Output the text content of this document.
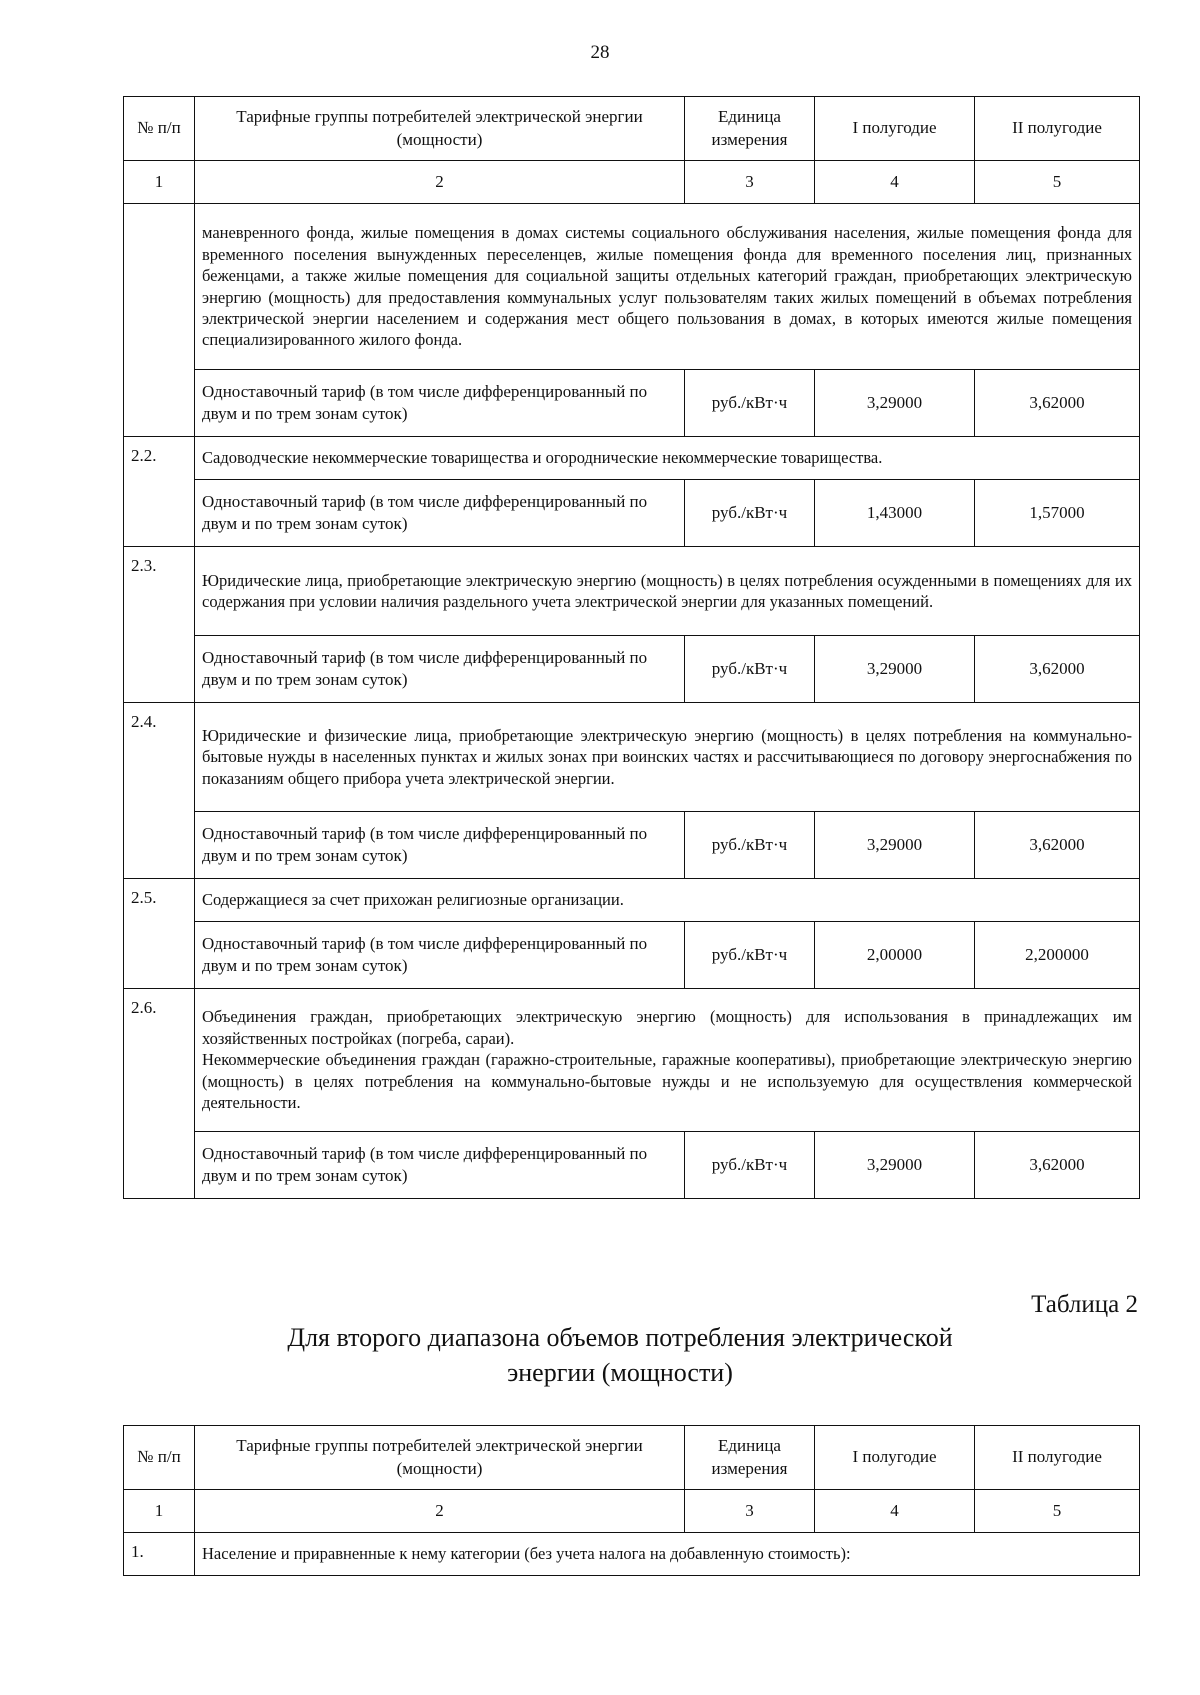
28
№ п/п	Тарифные группы потребителей электрической энергии (мощности)	Единица измерения	I полугодие	II полугодие
1	2	3	4	5
	маневренного фонда, жилые помещения в домах системы социального обслуживания населения, жилые помещения фонда для временного поселения вынужденных переселенцев, жилые помещения фонда для временного поселения лиц, признанных беженцами, а также жилые помещения для социальной защиты отдельных категорий граждан, приобретающих электрическую энергию (мощность) для предоставления коммунальных услуг пользователям таких жилых помещений в объемах потребления электрической энергии населением и содержания мест общего пользования в домах, в которых имеются жилые помещения специализированного жилого фонда.			
	Одноставочный тариф (в том числе дифференцированный по двум и по трем зонам суток)	руб./кВт·ч	3,29000	3,62000
2.2.	Садоводческие некоммерческие товарищества и огороднические некоммерческие товарищества.			
	Одноставочный тариф (в том числе дифференцированный по двум и по трем зонам суток)	руб./кВт·ч	1,43000	1,57000
2.3.	Юридические лица, приобретающие электрическую энергию (мощность) в целях потребления осужденными в помещениях для их содержания при условии наличия раздельного учета электрической энергии для указанных помещений.			
	Одноставочный тариф (в том числе дифференцированный по двум и по трем зонам суток)	руб./кВт·ч	3,29000	3,62000
2.4.	Юридические и физические лица, приобретающие электрическую энергию (мощность) в целях потребления на коммунально-бытовые нужды в населенных пунктах и жилых зонах при воинских частях и рассчитывающиеся по договору энергоснабжения по показаниям общего прибора учета электрической энергии.			
	Одноставочный тариф (в том числе дифференцированный по двум и по трем зонам суток)	руб./кВт·ч	3,29000	3,62000
2.5.	Содержащиеся за счет прихожан религиозные организации.			
	Одноставочный тариф (в том числе дифференцированный по двум и по трем зонам суток)	руб./кВт·ч	2,00000	2,200000
2.6.	Объединения граждан, приобретающих электрическую энергию (мощность) для использования в принадлежащих им хозяйственных постройках (погреба, сараи).
Некоммерческие объединения граждан (гаражно-строительные, гаражные кооперативы), приобретающие электрическую энергию (мощность) в целях потребления на коммунально-бытовые нужды и не используемую для осуществления коммерческой деятельности.			

	Одноставочный тариф (в том числе дифференцированный по двум и по трем зонам суток)	руб./кВт·ч	3,29000	3,62000
Таблица 2
Для второго диапазона объемов потребления электрической
энергии (мощности)
№ п/п	Тарифные группы потребителей электрической энергии (мощности)	Единица измерения	I полугодие	II полугодие
1	2	3	4	5
1.	Население и приравненные к нему категории (без учета налога на добавленную стоимость):			
